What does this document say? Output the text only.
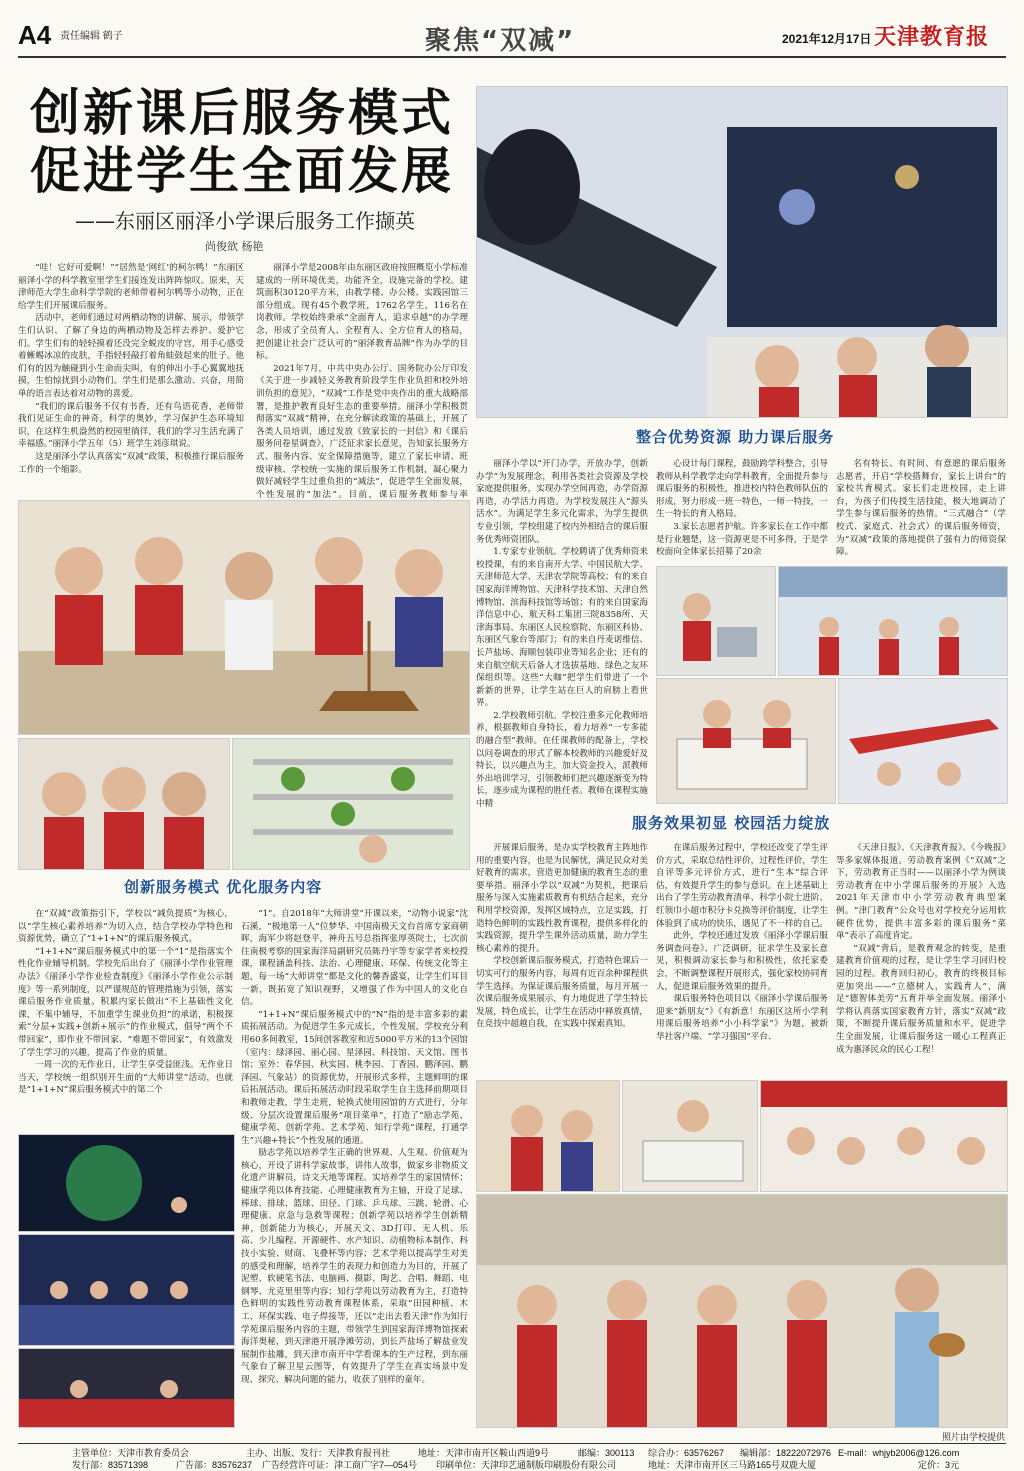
A4 责任编辑 鹤子	聚焦“双减”	2021年12月17日 天津教育报
创新课后服务模式
促进学生全面发展
——东丽区丽泽小学课后服务工作撷英
尚俊欲 杨艳

“哇！它好可爱啊！”“居然是‘网红’的柯尔鸭！”东丽区丽泽小学的科学教室里学生们接连发出阵阵惊叹。原来，天津师范大学生命科学学院的老师带着柯尔鸭等小动物，正在给学生们开展课后服务。

活动中，老师们通过对两栖动物的讲解、展示，带领学生们认识、了解了身边的两栖动物及怎样去养护、爱护它们。学生们有的轻轻摸着还没完全蜕皮的守宫，用手心感受着蜥蜴冰凉的皮肤，手指轻轻敲打着角蛙鼓起来的肚子。他们有的因为触碰到小生命而尖叫，有的伸出小手心翼翼地抚摸，生怕惊扰到小动物们。学生们是那么激动、兴奋，用简单的语言表达着对动物的喜爱。

“我们的课后服务不仅有书香，还有鸟语花香，老师带我们见证生命的神奇，科学的奥妙，学习保护生态环境知识，在这样生机盎然的校园里徜徉，我们的学习生活充满了幸福感。”丽泽小学五年（5）班学生刘彦琪说。

这是丽泽小学认真落实“双减”政策，积极推行课后服务工作的一个缩影。

丽泽小学是2008年由东丽区政府按照概览小学标准建成的一所环境优美，功能齐全，设施完备的学校。建筑面积30120平方米，由教学楼、办公楼、实践园馆三部分组成。现有45个教学班，1762名学生，116名在岗教师。学校始终秉承“全面育人，追求卓越”的办学理念，形成了全员育人、全程育人、全方位育人的格局，把创建让社会广泛认可的“丽泽教育品牌”作为办学的目标。

2021年7月，中共中央办公厅、国务院办公厅印发《关于进一步减轻义务教育阶段学生作业负担和校外培训负担的意见》，“双减”工作是党中央作出的重大战略部署，是推护教育良好生态的重要举措。丽泽小学积极贯彻落实“双减”精神，在充分解读政策的基础上，开展了各类人员培训，通过发放《致家长的一封信》和《课后服务问卷星调查》，广泛征求家长意见，告知家长服务方式、服务内容、安全保障措施等，建立了家长申请、班级审核、学校统一实施的课后服务工作机制，凝心聚力做好减轻学生过重负担的“减法”，促进学生全面发展，个性发展的“加法”。目前，课后服务教师参与率

整合优势资源 助力课后服务
创新服务模式 优化服务内容

丽泽小学以“开门办学，开放办学，创新办学”为发展理念，利用各类社会资源及学校家庭提供服务，实现办学空间再造，办学资源再造，办学活力再造。为学校发展注入“源头活水”。为满足学生多元化需求，为学生提供专业引领，学校组建了校内外相结合的课后服务优秀师资团队。

1.专家专业领航。学校聘请了优秀师资来校授课，有的来自南开大学、中国民航大学、天津师范大学、天津农学院等高校；有的来自国家海洋博物馆、天津科学技术馆、天津自然博物馆、滨海科技馆等场馆；有的来自国家海洋信息中心、航天科工集团三院8358所、天津海事局、东丽区人民检察院、东丽区科协、东丽区气象台等部门；有的来自丹麦诺维信、长芦盐场、海顺包装印业等知名企业；还有的来自航空航天后备人才选拔基地、绿色之友环保组织等。这些“大咖”把学生们带进了一个新新的世界，让学生站在巨人的肩膀上看世界。

2.学校教师引航。学校注重多元化教师培养，根据教师自身特长，着力培养“一专多能的融合型”教师。在任课教师的配备上，学校以问卷调查的形式了解本校教师的兴趣爱好及特长，以兴趣点为主，加大资金投入，派教师外出培训学习，引领教师们把兴趣逐渐变为特长，逐步成为课程的胜任者。教师在课程实施中精

心设计每门课程，鼓励跨学科整合，引导教师从科学教学走向学科教育，全面提升参与课后服务的积极性，推进校内特色教师队伍的形成，努力形成一班一特色，一师一特技，一生一特长的育人格局。

3.家长志愿者护航。许多家长在工作中都是行业翘楚，这一资源更是不可多得，于是学校面向全体家长招募了20余

名有特长、有时间、有意愿的课后服务志愿者，开启“学校搭舞台，家长上讲台”的家校共育模式。家长们走进校园，走上讲台，为孩子们传授生活技能，极大地调动了学生参与课后服务的热情。“三式融合”（学校式、家庭式、社会式）的课后服务师资，为“双减”政策的落地提供了强有力的师资保障。

服务效果初显 校园活力绽放

在“双减”政策指引下，学校以“减负提质”为核心，以“学生核心素养培养”为切入点，结合学校办学特色和资源优势，确立了“1+1+N”的课后服务模式。

“1+1+N”课后服务模式中的第一个“1”是指落实个性化作业辅导机制。学校先后出台了《丽泽小学作业管理办法》《丽泽小学作业检查制度》《丽泽小学作业公示制度》等一系列制度，以严谨规范的管理措施为引领，落实课后服务作业质量。积累内家长做出“不上基础性文化课，不集中辅导，不加重学生课业负担”的承诺，积极探索“分层+实践+创新+展示”的作业模式，倡导“两个不带回家”，即作业不带回家、“难题不带回家”，有效激发了学生学习的兴趣，提高了作业的质量。

一周一次的无作业日，让学生享受益匪浅。无作业日当天，学校统一组织别开生面的“大师讲堂”活动，也就是“1+1+N”课后服务模式中的第二个

“1”。自2018年“大师讲堂”开课以来，“动物小说家”沈石溪，“极地第一人”位梦华、中国南极天文台首席专家商朝晖，海军少将赵登平，神舟五号总指挥张厚英院士，七次前往南极考察的国家海洋局副研究员陈丹宇等专家学者来校授课，课程涵盖科技、法治、心理健康、环保、传统文化等主题，每一场“大师讲堂”都是文化的馨香盛宴，让学生们耳目一新，既拓宽了知识视野，又增强了作为中国人的文化自信。

“1+1+N”课后服务模式中的“N”指的是丰富多彩的素质拓展活动。为促进学生多元成长，个性发展，学校充分利用60多间教室，15间创客教室和近5000平方米的13个园馆（室内：绿泽园、丽心园、星泽园、科技馆、天文馆、图书馆；室外：春华园、秋实园、桃李园、丁香园、鹏泽园、鹏泽园、气象站）的资源优势，开展形式多样，主题鲜明的课后拓展活动。课后拓展活动时段采取学生自主选择前期项目和教师走教，学生走班，轮换式使用园馆的方式进行，分年级、分层次设置课后服务“项目菜单”，打造了“励志学苑、健康学苑、创新学苑、艺术学苑、知行学苑”课程，打通学生“兴趣+特长”个性发展的通道。

励志学苑以培养学生正确的世界观、人生观、价值观为核心，开设了讲科学家故事，讲伟人故事，做家乡非物质文化遗产讲解员，诗文天地等课程。实培养学生的家国情怀；健康学苑以体育技能、心理健康教育为主轴，开设了足球、棒球、排球、篮球、田径、门球、乒乓球、三跳、轮滑、心理健康、京急与急救等课程；创新学苑以培养学生创新精神，创新能力为核心，开展天文、3D打印、无人机、乐高、少儿编程、开源硬件、水产知识、动植物标本制作、科技小实验、财商、飞叠杯等内容；艺术学苑以提高学生对美的感受和理解，培养学生的表现力和创造力为目的，开展了泥塑、软硬笔书法、电脑画、摄影、陶艺、合唱、舞蹈、电钢琴、尤克里里等内容；知行学苑以劳动教育为主，打造特色鲜明的实践性劳动教育课程体系，采取“田园种植、木工、环保实践、电子焊接等，还以“走出去看天津”作为知行学苑课后服务内容的主题，带领学生到国家海洋博物馆探索海洋奥秘，到天津港开展净滩劳动，到长芦盐场了解盐业发展制作盐雕，到天津市南开中学看课本的生产过程，到东丽气象台了解卫星云图等，有效提升了学生在真实场景中发现、探究、解决问题的能力，收获了别样的童年。

开展课后服务，是办实学校教育主阵地作用的重要内容，也是为民解忧，满足民众对美好教育的需求，营造更加健康的教育生态的重要举措。丽泽小学以“双减”为契机，把课后服务与深入实施素质教育有机结合起来，充分利用学校资源，发挥区域特点，立足实践，打造特色鲜明的实践性教育课程，提供多样化的实践资源，提升学生课外活动质量，助力学生核心素养的提升。

学校创新课后服务模式，打造特色课后一切实可行的服务内容，每周有近百余种课程供学生选择。为保证课后服务质量，每月开展一次课后服务成果展示，有力地促进了学生特长发展，特色成长，让学生在活动中释放真情，在竞技中超越自我，在实践中探索真知。

在课后服务过程中，学校还改变了学生评价方式，采取总结性评价，过程性评价，学生自评等多元评价方式，进行“生本”综合评估，有效提升学生的参与意识。在上述基础上出台了学生劳动教育清单、科学小院士进阶、红领巾小超市积分卡兑换等评价制度，让学生体验到了成功的快乐，遇见了不一样的自己。

此外，学校还通过发放《丽泽小学课后服务调查问卷》、广泛调研，征求学生及家长意见，积极调动家长参与和积极性，依托家委会，不断调整课程开展形式，强化家校协同育人，促进课后服务效果的提升。

课后服务特色项目以《丽泽小学课后服务迎来“新朋友”》《有新意！东丽区这所小学利用课后服务培养“小小科学家”》为题，被新华社客户端、“学习强国”平台、

《天津日报》、《天津教育报》、《今晚报》等多家媒体报道。劳动教育案例《“双减”之下，劳动教育正当时——以丽泽小学为例谈劳动教育在中小学课后服务的开展》入选2021年天津市中小学劳动教育典型案例。“津门教育”公众号也对学校充分运用软硬件优势，提供丰富多彩的课后服务“菜单”表示了高度肯定。

“双减”背后，是教育观念的转变，是重建教育价值观的过程，是让学生学习回归校园的过程。教育回归初心，教育的终极目标更加突出——“立德树人，实践育人”，满足“德智体美劳”五育并举全面发展。丽泽小学将认真落实国家教育方针，落实“双减”政策，不断提升课后服务质量和水平，促进学生全面发展，让课后服务这一暖心工程真正成为惠泽民众的民心工程！

照片由学校提供
主管单位：天津市教育委员会	主办、出版、发行：天津教育报刊社	地址：天津市南开区鞍山西道9号	邮编：300113 综合办：63576267 编辑部：18222072976 E-mail：whjyb2006@126.com
发行部：83571398	广告部：83576237 广告经营许可证：津工商广字7—054号 印刷单位：天津印艺通制版印刷股份有限公司	地址：天津市南开区三马路165号双鹿大厦	定价：3元
